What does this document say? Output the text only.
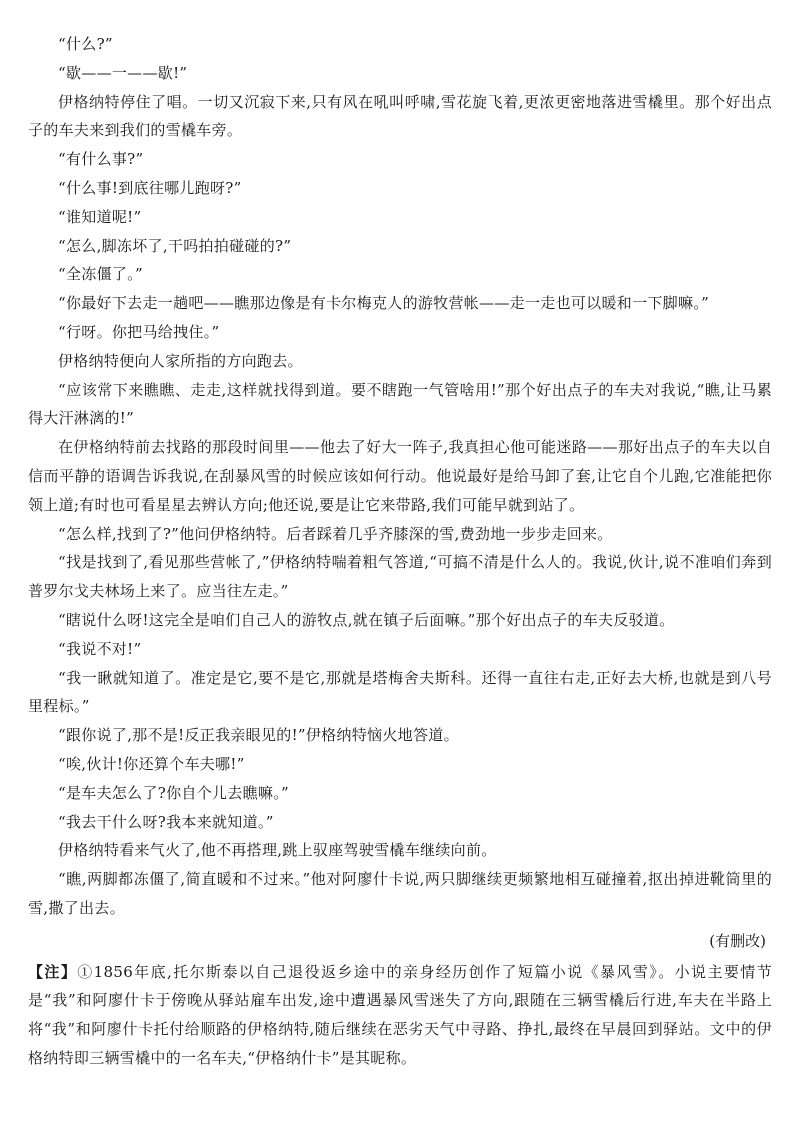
“什么?”

“歇——一——歇!”

伊格纳特停住了唱。一切又沉寂下来,只有风在吼叫呼啸,雪花旋飞着,更浓更密地落进雪橇里。那个好出点子的车夫来到我们的雪橇车旁。

“有什么事?”

“什么事!到底往哪儿跑呀?”

“谁知道呢!”

“怎么,脚冻坏了,干吗拍拍碰碰的?”

“全冻僵了。”

“你最好下去走一趟吧——瞧那边像是有卡尔梅克人的游牧营帐——走一走也可以暖和一下脚嘛。”

“行呀。你把马给拽住。”

伊格纳特便向人家所指的方向跑去。

“应该常下来瞧瞧、走走,这样就找得到道。要不瞎跑一气管啥用!”那个好出点子的车夫对我说,“瞧,让马累得大汗淋漓的!”

在伊格纳特前去找路的那段时间里——他去了好大一阵子,我真担心他可能迷路——那好出点子的车夫以自信而平静的语调告诉我说,在刮暴风雪的时候应该如何行动。他说最好是给马卸了套,让它自个儿跑,它准能把你领上道;有时也可看星星去辨认方向;他还说,要是让它来带路,我们可能早就到站了。

“怎么样,找到了?”他问伊格纳特。后者踩着几乎齐膝深的雪,费劲地一步步走回来。

“找是找到了,看见那些营帐了,”伊格纳特喘着粗气答道,“可搞不清是什么人的。我说,伙计,说不准咱们奔到普罗尔戈夫林场上来了。应当往左走。”

“瞎说什么呀!这完全是咱们自己人的游牧点,就在镇子后面嘛。”那个好出点子的车夫反驳道。

“我说不对!”

“我一瞅就知道了。准定是它,要不是它,那就是塔梅舍夫斯科。还得一直往右走,正好去大桥,也就是到八号里程标。”

“跟你说了,那不是!反正我亲眼见的!”伊格纳特恼火地答道。

“唉,伙计!你还算个车夫哪!”

“是车夫怎么了?你自个儿去瞧嘛。”

“我去干什么呀?我本来就知道。”

伊格纳特看来气火了,他不再搭理,跳上驭座驾驶雪橇车继续向前。

“瞧,两脚都冻僵了,简直暖和不过来。”他对阿廖什卡说,两只脚继续更频繁地相互碰撞着,抠出掉进靴筒里的雪,撒了出去。

(有删改)

【注】①1856年底,托尔斯泰以自己退役返乡途中的亲身经历创作了短篇小说《暴风雪》。小说主要情节是“我”和阿廖什卡于傍晚从驿站雇车出发,途中遭遇暴风雪迷失了方向,跟随在三辆雪橇后行进,车夫在半路上将“我”和阿廖什卡托付给顺路的伊格纳特,随后继续在恶劣天气中寻路、挣扎,最终在早晨回到驿站。文中的伊格纳特即三辆雪橇中的一名车夫,“伊格纳什卡”是其昵称。
